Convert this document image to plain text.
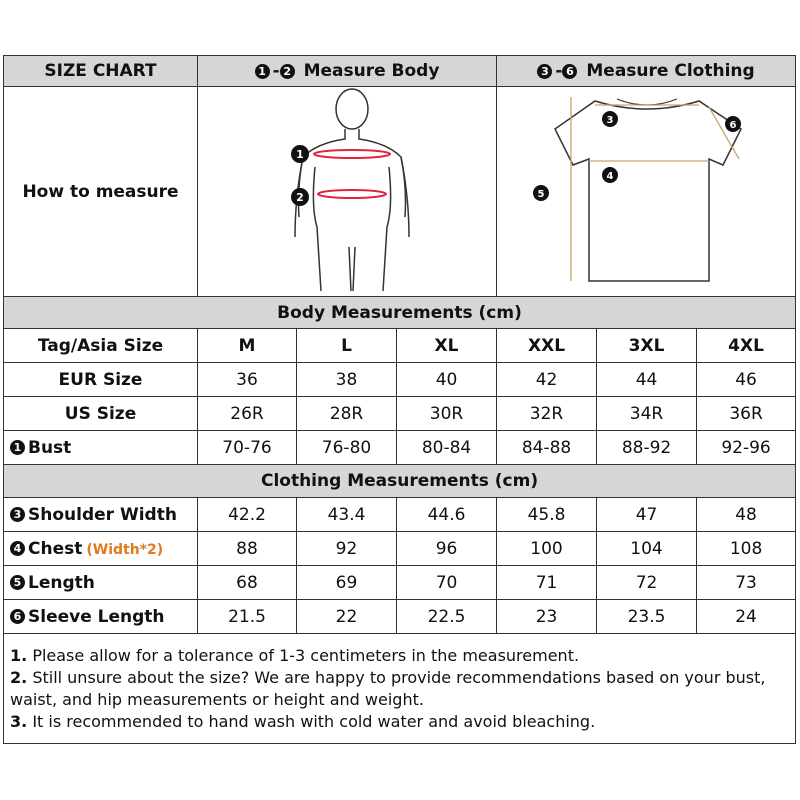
SIZE CHART	1 - 2 Measure Body			3 - 6 Measure Clothing		
How to measure	1
2			3
4
5
6		

Body Measurements (cm)						
Tag/Asia Size	M	L	XL	XXL	3XL	4XL
EUR Size	36	38	40	42	44	46
US Size	26R	28R	30R	32R	34R	36R
1 Bust	70-76	76-80	80-84	84-88	88-92	92-96
Clothing Measurements (cm)						
3 Shoulder Width	42.2	43.4	44.6	45.8	47	48
4 Chest (Width*2)	88	92	96	100	104	108
5 Length	68	69	70	71	72	73
6 Sleeve Length	21.5	22	22.5	23	23.5	24

1. Please allow for a tolerance of 1-3 centimeters in the measurement.
2. Still unsure about the size? We are happy to provide recommendations based on your bust, waist, and hip measurements or height and weight.
3. It is recommended to hand wash with cold water and avoid bleaching.						
